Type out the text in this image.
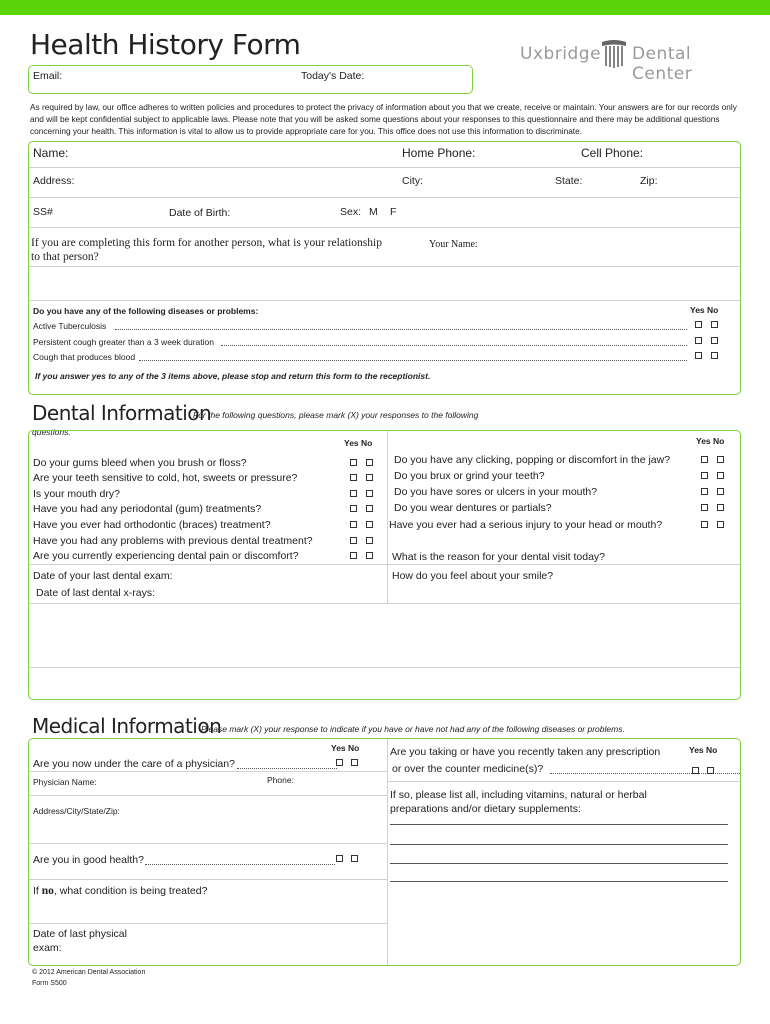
Health History Form	Uxbridge Dental Center
Email:	Today's Date:

As required by law, our office adheres to written policies and procedures to protect the privacy of information about you that we create, receive or maintain. Your answers are for our records only and will be kept confidential subject to applicable laws. Please note that you will be asked some questions about your responses to this questionnaire and there may be additional questions concerning your health. This information is vital to allow us to provide appropriate care for you. This office does not use this information to discriminate.

Name:	Home Phone:	Cell Phone:
Address:	City:	State:	Zip:
SS#	Date of Birth:	Sex: M F
If you are completing this form for another person, what is your relationship to that person?
Your Name:
Do you have any of the following diseases or problems:	Yes No
Active Tuberculosis
Persistent cough greater than a 3 week duration
Cough that produces blood
If you answer yes to any of the 3 items above, please stop and return this form to the receptionist.
Dental Information
For the following questions, please mark (X) your responses to the following
questions.
Yes No	Yes No
Do your gums bleed when you brush or floss?
Are your teeth sensitive to cold, hot, sweets or pressure?
Is your mouth dry?
Have you had any periodontal (gum) treatments?
Have you ever had orthodontic (braces) treatment?
Have you had any problems with previous dental treatment?
Are you currently experiencing dental pain or discomfort?
Do you have any clicking, popping or discomfort in the jaw?
Do you brux or grind your teeth?
Do you have sores or ulcers in your mouth?
Do you wear dentures or partials?
Have you ever had a serious injury to your head or mouth?
What is the reason for your dental visit today?
Date of your last dental exam:	How do you feel about your smile?
Date of last dental x-rays:
Medical Information
Please mark (X) your response to indicate if you have or have not had any of the following diseases or problems.
Yes No
Are you now under the care of a physician?
Physician Name:	Phone:
Address/City/State/Zip:
Are you in good health?
If no, what condition is being treated?
Date of last physical
exam:
Are you taking or have you recently taken any prescription	Yes No
or over the counter medicine(s)?
If so, please list all, including vitamins, natural or herbal
preparations and/or dietary supplements:
© 2012 American Dental Association
Form S500
